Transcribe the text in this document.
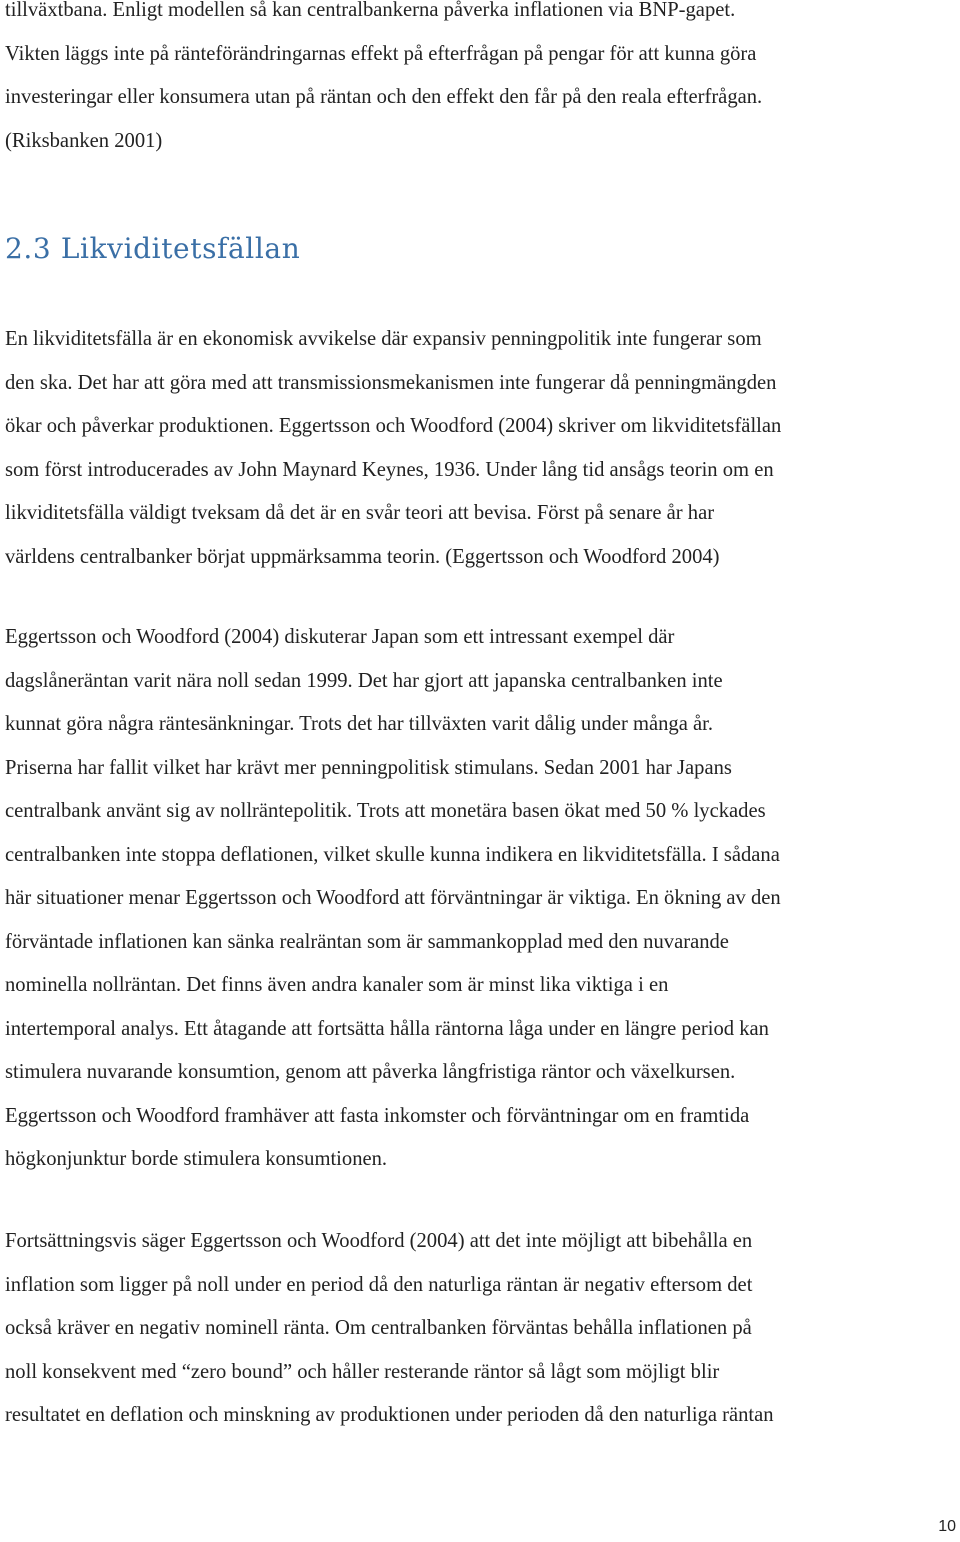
tillväxtbana. Enligt modellen så kan centralbankerna påverka inflationen via BNP-gapet.
Vikten läggs inte på ränteförändringarnas effekt på efterfrågan på pengar för att kunna göra
investeringar eller konsumera utan på räntan och den effekt den får på den reala efterfrågan.
(Riksbanken 2001)

2.3 Likviditetsfällan

En likviditetsfälla är en ekonomisk avvikelse där expansiv penningpolitik inte fungerar som
den ska. Det har att göra med att transmissionsmekanismen inte fungerar då penningmängden
ökar och påverkar produktionen. Eggertsson och Woodford (2004) skriver om likviditetsfällan
som först introducerades av John Maynard Keynes, 1936. Under lång tid ansågs teorin om en
likviditetsfälla väldigt tveksam då det är en svår teori att bevisa. Först på senare år har
världens centralbanker börjat uppmärksamma teorin. (Eggertsson och Woodford 2004)

Eggertsson och Woodford (2004) diskuterar Japan som ett intressant exempel där
dagslåneräntan varit nära noll sedan 1999. Det har gjort att japanska centralbanken inte
kunnat göra några räntesänkningar. Trots det har tillväxten varit dålig under många år.
Priserna har fallit vilket har krävt mer penningpolitisk stimulans. Sedan 2001 har Japans
centralbank använt sig av nollräntepolitik. Trots att monetära basen ökat med 50 % lyckades
centralbanken inte stoppa deflationen, vilket skulle kunna indikera en likviditetsfälla. I sådana
här situationer menar Eggertsson och Woodford att förväntningar är viktiga. En ökning av den
förväntade inflationen kan sänka realräntan som är sammankopplad med den nuvarande
nominella nollräntan. Det finns även andra kanaler som är minst lika viktiga i en
intertemporal analys. Ett åtagande att fortsätta hålla räntorna låga under en längre period kan
stimulera nuvarande konsumtion, genom att påverka långfristiga räntor och växelkursen.
Eggertsson och Woodford framhäver att fasta inkomster och förväntningar om en framtida
högkonjunktur borde stimulera konsumtionen.

Fortsättningsvis säger Eggertsson och Woodford (2004) att det inte möjligt att bibehålla en
inflation som ligger på noll under en period då den naturliga räntan är negativ eftersom det
också kräver en negativ nominell ränta. Om centralbanken förväntas behålla inflationen på
noll konsekvent med “zero bound” och håller resterande räntor så lågt som möjligt blir
resultatet en deflation och minskning av produktionen under perioden då den naturliga räntan

10
